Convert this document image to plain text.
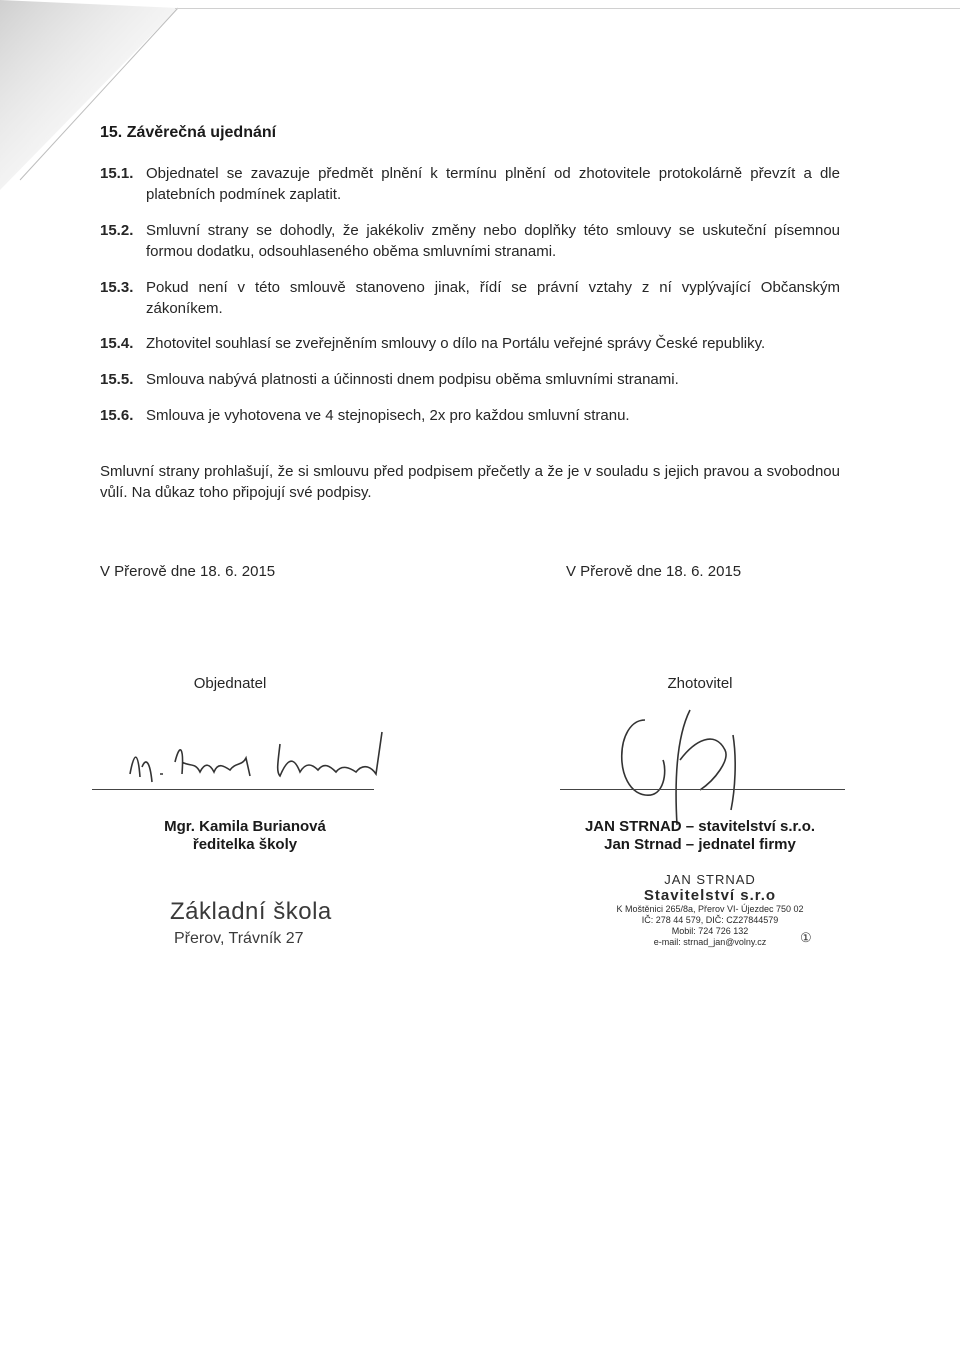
15. Závěrečná ujednání
15.1. Objednatel se zavazuje předmět plnění k termínu plnění od zhotovitele protokolárně převzít a dle platebních podmínek zaplatit.
15.2. Smluvní strany se dohodly, že jakékoliv změny nebo doplňky této smlouvy se uskuteční písemnou formou dodatku, odsouhlaseného oběma smluvními stranami.
15.3. Pokud není v této smlouvě stanoveno jinak, řídí se právní vztahy z ní vyplývající Občanským zákoníkem.
15.4. Zhotovitel souhlasí se zveřejněním smlouvy o dílo na Portálu veřejné správy České republiky.
15.5. Smlouva nabývá platnosti a účinnosti dnem podpisu oběma smluvními stranami.
15.6. Smlouva je vyhotovena ve 4 stejnopisech, 2x pro každou smluvní stranu.
Smluvní strany prohlašují, že si smlouvu před podpisem přečetly a že je v souladu s jejich pravou a svobodnou vůlí. Na důkaz toho připojují své podpisy.
V Přerově dne 18. 6. 2015	V Přerově dne 18. 6. 2015
Objednatel	Zhotovitel
Mgr. Kamila Burianová
ředitelka školy
JAN STRNAD – stavitelství s.r.o.
Jan Strnad – jednatel firmy
Základní škola
Přerov, Trávník 27
JAN STRNAD
Stavitelství s.r.o
K Moštěnici 265/8a, Přerov VI- Újezdec 750 02
IČ: 278 44 579, DIČ: CZ27844579
Mobil: 724 726 132
e-mail: strnad_jan@volny.cz	①
